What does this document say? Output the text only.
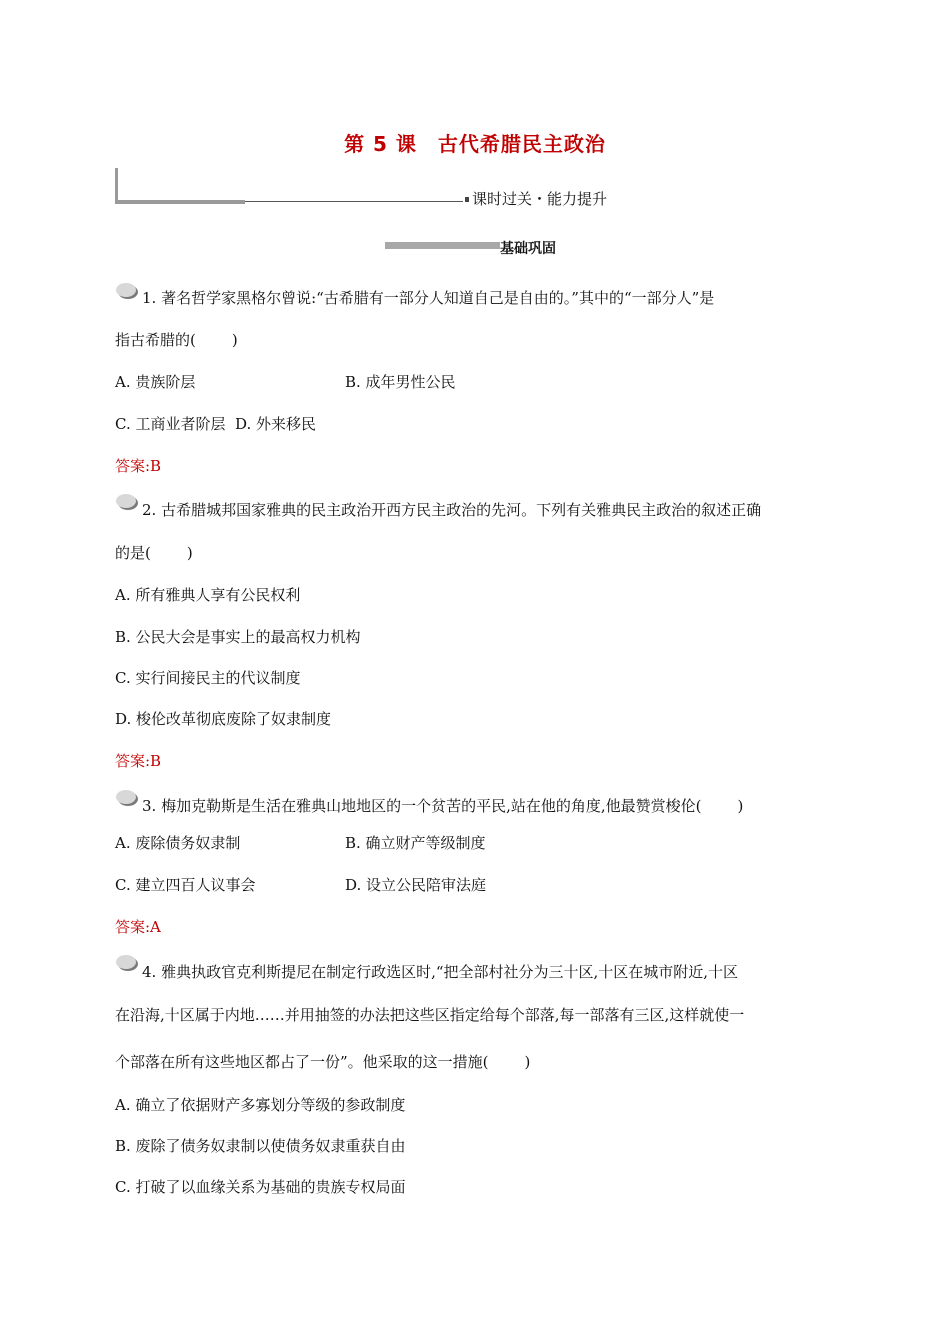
第 5 课　古代希腊民主政治
课时过关・能力提升
基础巩固
1. 著名哲学家黑格尔曾说:“古希腊有一部分人知道自己是自由的。”其中的“一部分人”是
指古希腊的( )
A. 贵族阶层	B. 成年男性公民
C. 工商业者阶层 D. 外来移民
答案:B
2. 古希腊城邦国家雅典的民主政治开西方民主政治的先河。下列有关雅典民主政治的叙述正确
的是( )
A. 所有雅典人享有公民权利
B. 公民大会是事实上的最高权力机构
C. 实行间接民主的代议制度
D. 梭伦改革彻底废除了奴隶制度
答案:B
3. 梅加克勒斯是生活在雅典山地地区的一个贫苦的平民,站在他的角度,他最赞赏梭伦( )
A. 废除债务奴隶制	B. 确立财产等级制度
C. 建立四百人议事会	D. 设立公民陪审法庭
答案:A
4. 雅典执政官克利斯提尼在制定行政选区时,“把全部村社分为三十区,十区在城市附近,十区
在沿海,十区属于内地……并用抽签的办法把这些区指定给每个部落,每一部落有三区,这样就使一
个部落在所有这些地区都占了一份”。他采取的这一措施( )
A. 确立了依据财产多寡划分等级的参政制度
B. 废除了债务奴隶制以使债务奴隶重获自由
C. 打破了以血缘关系为基础的贵族专权局面
